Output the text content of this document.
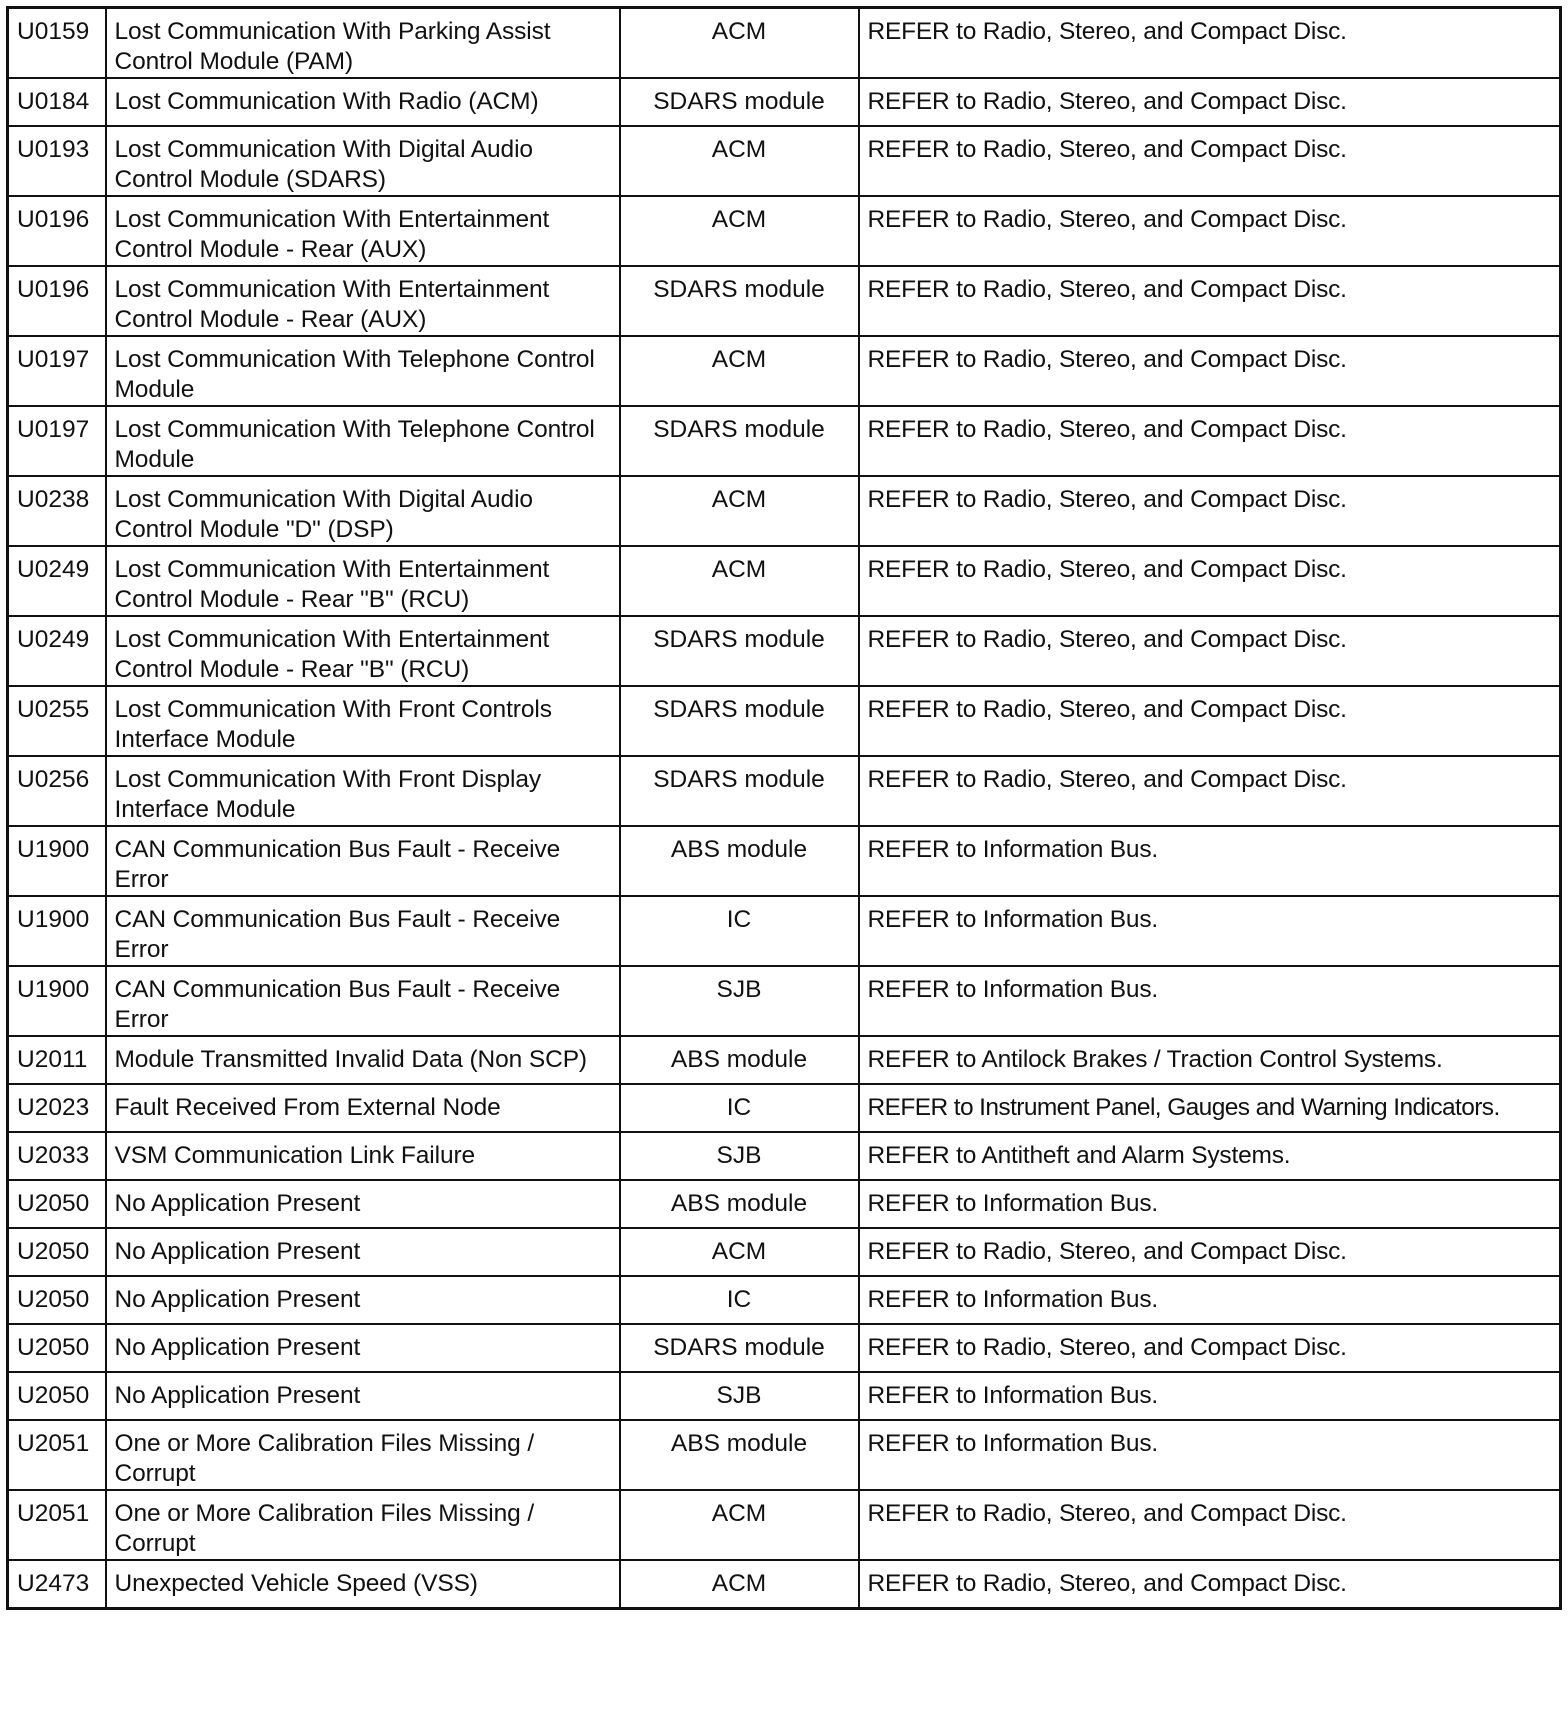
U0159	Lost Communication With Parking Assist Control Module (PAM)	ACM	REFER to Radio, Stereo, and Compact Disc.
U0184	Lost Communication With Radio (ACM)	SDARS module	REFER to Radio, Stereo, and Compact Disc.
U0193	Lost Communication With Digital Audio Control Module (SDARS)	ACM	REFER to Radio, Stereo, and Compact Disc.
U0196	Lost Communication With Entertainment Control Module - Rear (AUX)	ACM	REFER to Radio, Stereo, and Compact Disc.
U0196	Lost Communication With Entertainment Control Module - Rear (AUX)	SDARS module	REFER to Radio, Stereo, and Compact Disc.
U0197	Lost Communication With Telephone Control Module	ACM	REFER to Radio, Stereo, and Compact Disc.
U0197	Lost Communication With Telephone Control Module	SDARS module	REFER to Radio, Stereo, and Compact Disc.
U0238	Lost Communication With Digital Audio Control Module "D" (DSP)	ACM	REFER to Radio, Stereo, and Compact Disc.
U0249	Lost Communication With Entertainment Control Module - Rear "B" (RCU)	ACM	REFER to Radio, Stereo, and Compact Disc.
U0249	Lost Communication With Entertainment Control Module - Rear "B" (RCU)	SDARS module	REFER to Radio, Stereo, and Compact Disc.
U0255	Lost Communication With Front Controls Interface Module	SDARS module	REFER to Radio, Stereo, and Compact Disc.
U0256	Lost Communication With Front Display Interface Module	SDARS module	REFER to Radio, Stereo, and Compact Disc.
U1900	CAN Communication Bus Fault - Receive Error	ABS module	REFER to Information Bus.
U1900	CAN Communication Bus Fault - Receive Error	IC	REFER to Information Bus.
U1900	CAN Communication Bus Fault - Receive Error	SJB	REFER to Information Bus.
U2011	Module Transmitted Invalid Data (Non SCP)	ABS module	REFER to Antilock Brakes / Traction Control Systems.
U2023	Fault Received From External Node	IC	REFER to Instrument Panel, Gauges and Warning Indicators.
U2033	VSM Communication Link Failure	SJB	REFER to Antitheft and Alarm Systems.
U2050	No Application Present	ABS module	REFER to Information Bus.
U2050	No Application Present	ACM	REFER to Radio, Stereo, and Compact Disc.
U2050	No Application Present	IC	REFER to Information Bus.
U2050	No Application Present	SDARS module	REFER to Radio, Stereo, and Compact Disc.
U2050	No Application Present	SJB	REFER to Information Bus.
U2051	One or More Calibration Files Missing / Corrupt	ABS module	REFER to Information Bus.
U2051	One or More Calibration Files Missing / Corrupt	ACM	REFER to Radio, Stereo, and Compact Disc.
U2473	Unexpected Vehicle Speed (VSS)	ACM	REFER to Radio, Stereo, and Compact Disc.
